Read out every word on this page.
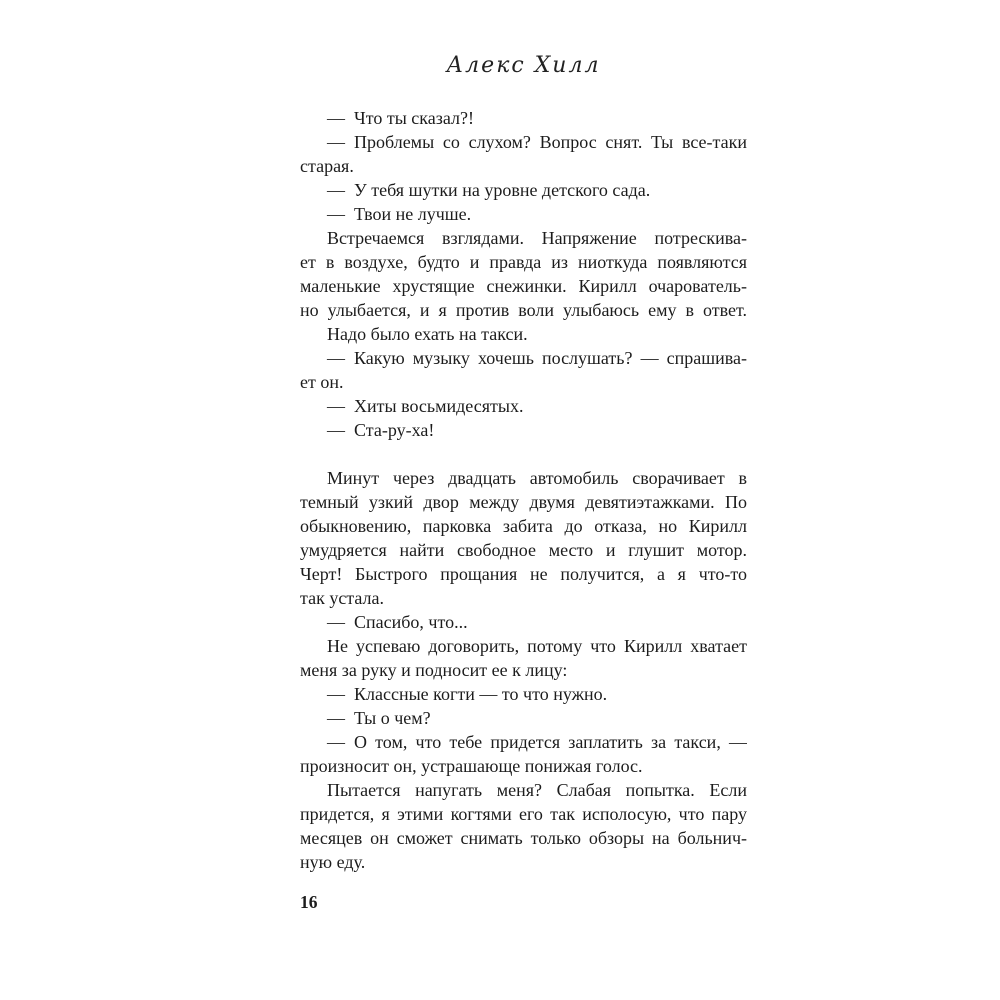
Алекс Хилл
— Что ты сказал?!
— Проблемы со слухом? Вопрос снят. Ты все-таки
старая.
— У тебя шутки на уровне детского сада.
— Твои не лучше.
Встречаемся взглядами. Напряжение потрескива-
ет в воздухе, будто и правда из ниоткуда появляются
маленькие хрустящие снежинки. Кирилл очарователь-
но улыбается, и я против воли улыбаюсь ему в ответ.
Надо было ехать на такси.
— Какую музыку хочешь послушать? — спрашива-
ет он.
— Хиты восьмидесятых.
— Ста-ру-ха!
Минут через двадцать автомобиль сворачивает в
темный узкий двор между двумя девятиэтажками. По
обыкновению, парковка забита до отказа, но Кирилл
умудряется найти свободное место и глушит мотор.
Черт! Быстрого прощания не получится, а я что-то
так устала.
— Спасибо, что...
Не успеваю договорить, потому что Кирилл хватает
меня за руку и подносит ее к лицу:
— Классные когти — то что нужно.
— Ты о чем?
— О том, что тебе придется заплатить за такси, —
произносит он, устрашающе понижая голос.
Пытается напугать меня? Слабая попытка. Если
придется, я этими когтями его так исполосую, что пару
месяцев он сможет снимать только обзоры на больнич-
ную еду.
16
